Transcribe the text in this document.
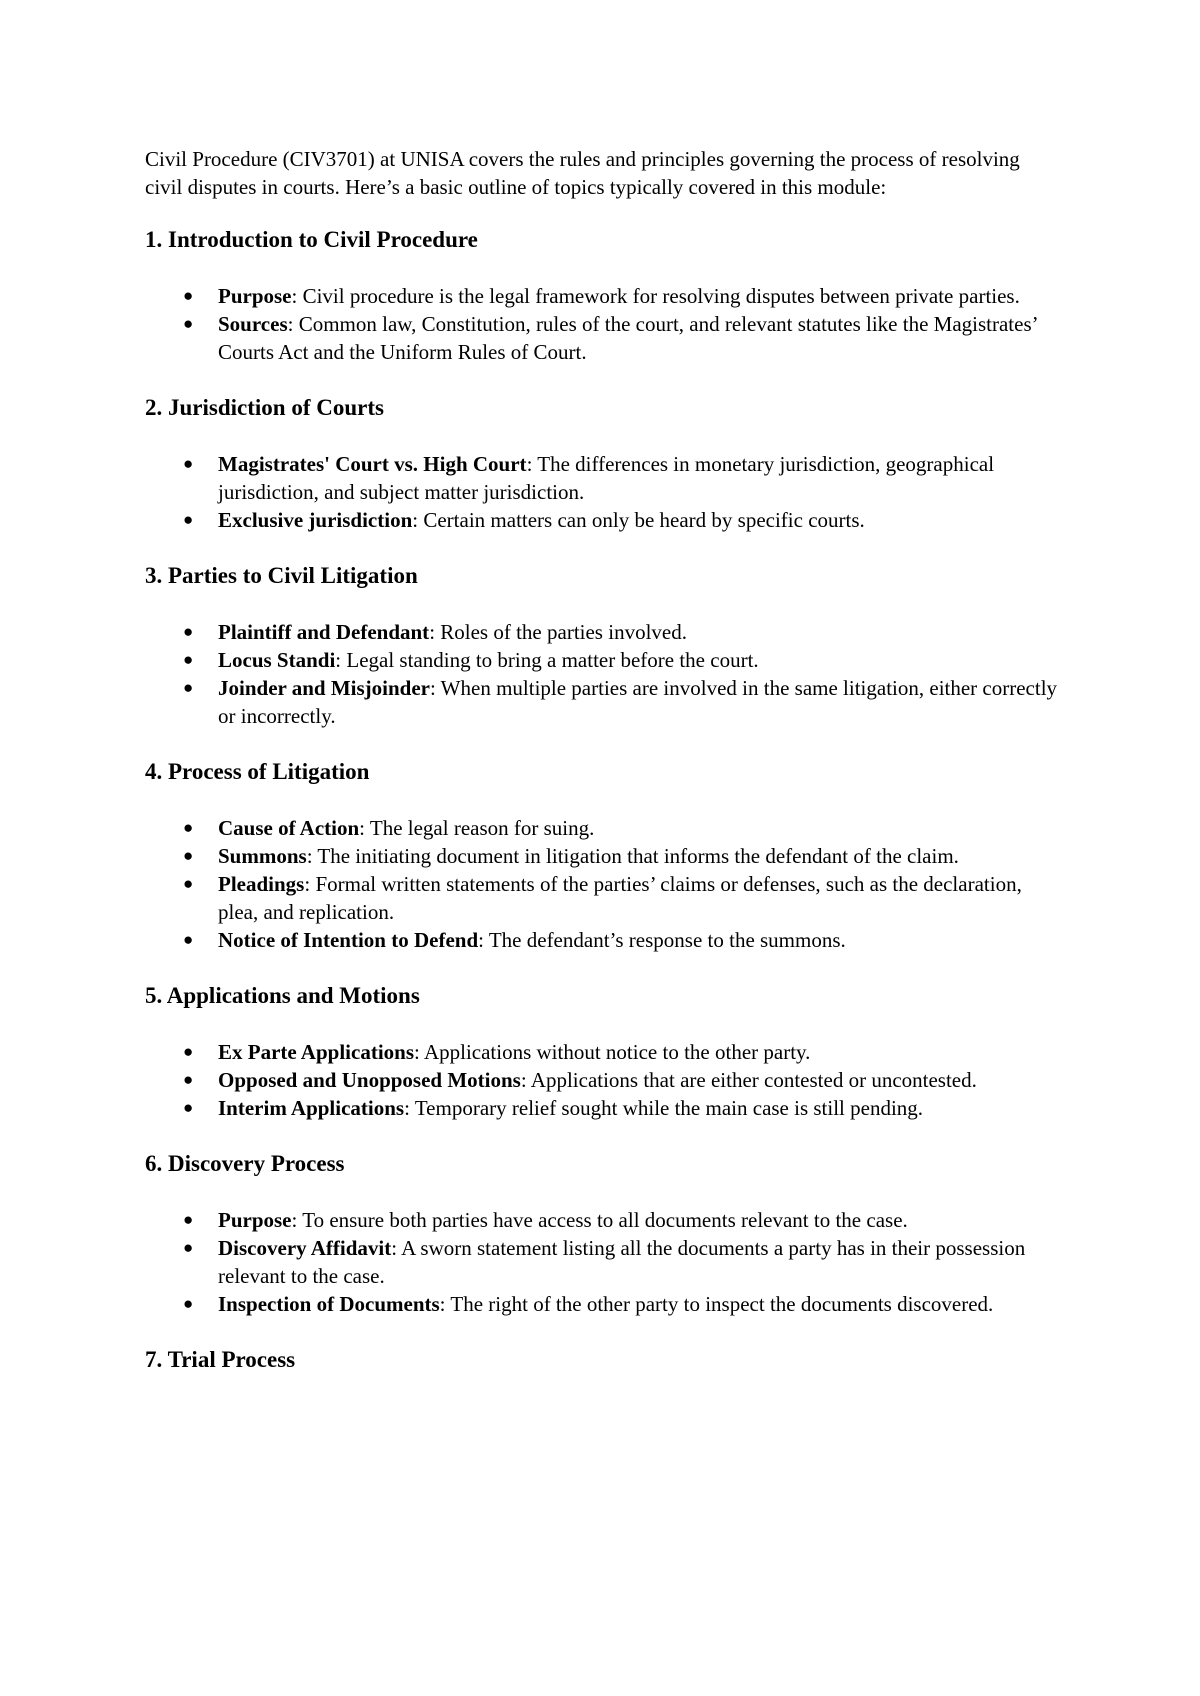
Civil Procedure (CIV3701) at UNISA covers the rules and principles governing the process of resolving civil disputes in courts. Here’s a basic outline of topics typically covered in this module:

1. Introduction to Civil Procedure
● Purpose: Civil procedure is the legal framework for resolving disputes between private parties.
● Sources: Common law, Constitution, rules of the court, and relevant statutes like the Magistrates’ Courts Act and the Uniform Rules of Court.
2. Jurisdiction of Courts
● Magistrates' Court vs. High Court: The differences in monetary jurisdiction, geographical jurisdiction, and subject matter jurisdiction.
● Exclusive jurisdiction: Certain matters can only be heard by specific courts.
3. Parties to Civil Litigation
● Plaintiff and Defendant: Roles of the parties involved.
● Locus Standi: Legal standing to bring a matter before the court.
● Joinder and Misjoinder: When multiple parties are involved in the same litigation, either correctly or incorrectly.
4. Process of Litigation
● Cause of Action: The legal reason for suing.
● Summons: The initiating document in litigation that informs the defendant of the claim.
● Pleadings: Formal written statements of the parties’ claims or defenses, such as the declaration, plea, and replication.
● Notice of Intention to Defend: The defendant’s response to the summons.
5. Applications and Motions
● Ex Parte Applications: Applications without notice to the other party.
● Opposed and Unopposed Motions: Applications that are either contested or uncontested.
● Interim Applications: Temporary relief sought while the main case is still pending.
6. Discovery Process
● Purpose: To ensure both parties have access to all documents relevant to the case.
● Discovery Affidavit: A sworn statement listing all the documents a party has in their possession relevant to the case.
● Inspection of Documents: The right of the other party to inspect the documents discovered.
7. Trial Process
